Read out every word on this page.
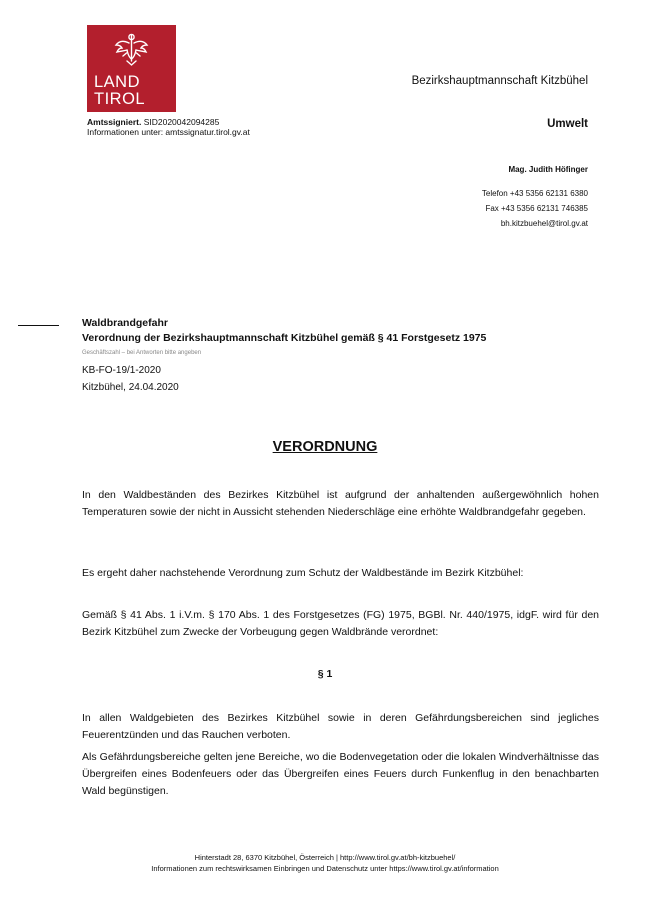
LAND
TIROL
Amtssigniert. SID2020042094285
Informationen unter: amtssignatur.tirol.gv.at
Bezirkshauptmannschaft Kitzbühel
Umwelt
Mag. Judith Höfinger
Telefon +43 5356 62131 6380
Fax +43 5356 62131 746385
bh.kitzbuehel@tirol.gv.at
Waldbrandgefahr
Verordnung der Bezirkshauptmannschaft Kitzbühel gemäß § 41 Forstgesetz 1975
Geschäftszahl – bei Antworten bitte angeben
KB-FO-19/1-2020
Kitzbühel, 24.04.2020
VERORDNUNG
In den Waldbeständen des Bezirkes Kitzbühel ist aufgrund der anhaltenden außergewöhnlich hohen Temperaturen sowie der nicht in Aussicht stehenden Niederschläge eine erhöhte Waldbrandgefahr gegeben.
Es ergeht daher nachstehende Verordnung zum Schutz der Waldbestände im Bezirk Kitzbühel:
Gemäß § 41 Abs. 1 i.V.m. § 170 Abs. 1 des Forstgesetzes (FG) 1975, BGBl. Nr. 440/1975, idgF. wird für den Bezirk Kitzbühel zum Zwecke der Vorbeugung gegen Waldbrände verordnet:
§ 1
In allen Waldgebieten des Bezirkes Kitzbühel sowie in deren Gefährdungsbereichen sind jegliches Feuerentzünden und das Rauchen verboten.
Als Gefährdungsbereiche gelten jene Bereiche, wo die Bodenvegetation oder die lokalen Windverhältnisse das Übergreifen eines Bodenfeuers oder das Übergreifen eines Feuers durch Funkenflug in den benachbarten Wald begünstigen.
Hinterstadt 28, 6370 Kitzbühel, Österreich | http://www.tirol.gv.at/bh-kitzbuehel/
Informationen zum rechtswirksamen Einbringen und Datenschutz unter https://www.tirol.gv.at/information
